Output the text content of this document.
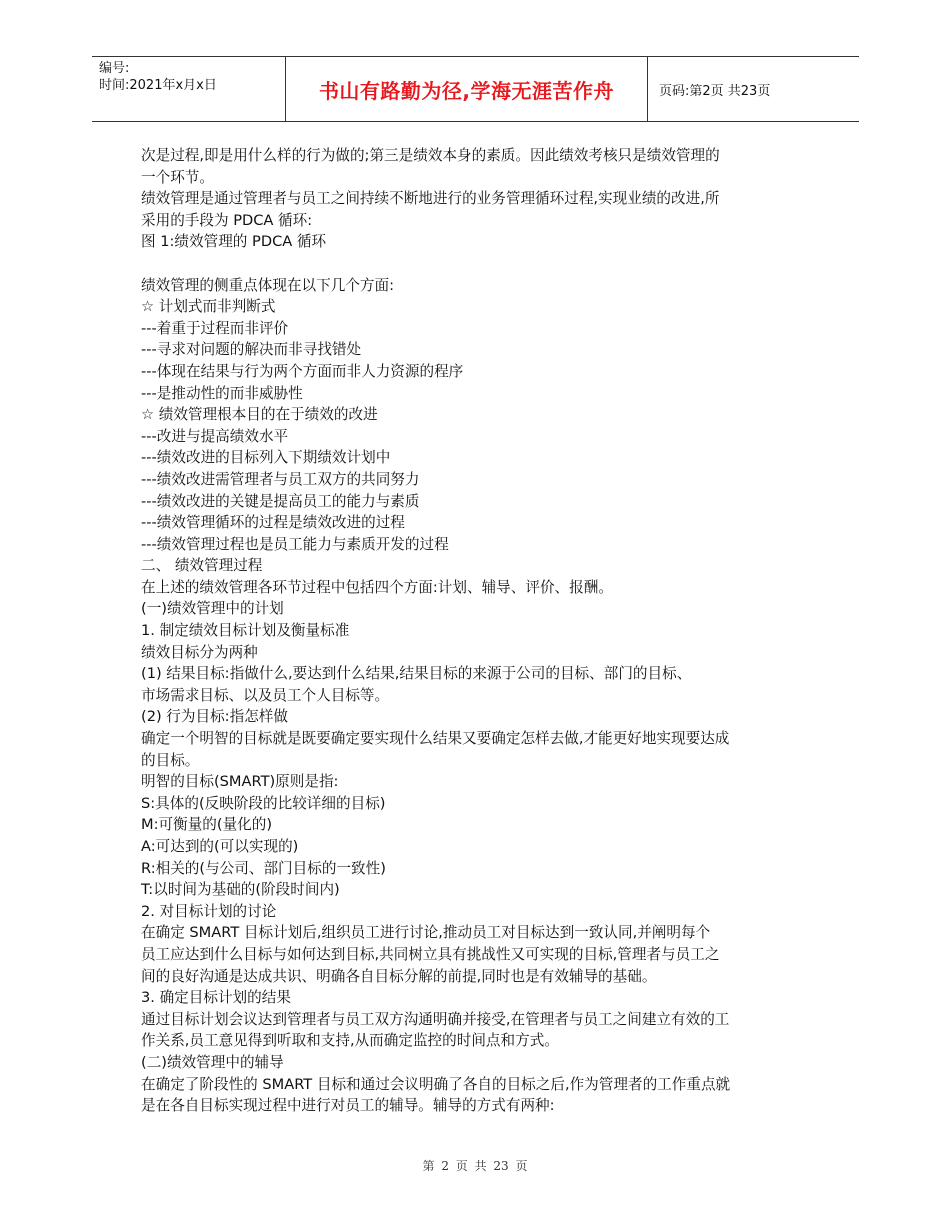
编号:
时间:2021年x月x日	书山有路勤为径,学海无涯苦作舟	页码:第2页 共23页
次是过程,即是用什么样的行为做的;第三是绩效本身的素质。因此绩效考核只是绩效管理的
一个环节。
绩效管理是通过管理者与员工之间持续不断地进行的业务管理循环过程,实现业绩的改进,所
采用的手段为 PDCA 循环:
图 1:绩效管理的 PDCA 循环
绩效管理的侧重点体现在以下几个方面:
☆ 计划式而非判断式
---着重于过程而非评价
---寻求对问题的解决而非寻找错处
---体现在结果与行为两个方面而非人力资源的程序
---是推动性的而非威胁性
☆ 绩效管理根本目的在于绩效的改进
---改进与提高绩效水平
---绩效改进的目标列入下期绩效计划中
---绩效改进需管理者与员工双方的共同努力
---绩效改进的关键是提高员工的能力与素质
---绩效管理循环的过程是绩效改进的过程
---绩效管理过程也是员工能力与素质开发的过程
二、 绩效管理过程
在上述的绩效管理各环节过程中包括四个方面:计划、辅导、评价、报酬。
(一)绩效管理中的计划
1. 制定绩效目标计划及衡量标准
绩效目标分为两种
(1) 结果目标:指做什么,要达到什么结果,结果目标的来源于公司的目标、部门的目标、
市场需求目标、以及员工个人目标等。
(2) 行为目标:指怎样做
确定一个明智的目标就是既要确定要实现什么结果又要确定怎样去做,才能更好地实现要达成
的目标。
明智的目标(SMART)原则是指:
S:具体的(反映阶段的比较详细的目标)
M:可衡量的(量化的)
A:可达到的(可以实现的)
R:相关的(与公司、部门目标的一致性)
T:以时间为基础的(阶段时间内)
2. 对目标计划的讨论
在确定 SMART 目标计划后,组织员工进行讨论,推动员工对目标达到一致认同,并阐明每个
员工应达到什么目标与如何达到目标,共同树立具有挑战性又可实现的目标,管理者与员工之
间的良好沟通是达成共识、明确各自目标分解的前提,同时也是有效辅导的基础。
3. 确定目标计划的结果
通过目标计划会议达到管理者与员工双方沟通明确并接受,在管理者与员工之间建立有效的工
作关系,员工意见得到听取和支持,从而确定监控的时间点和方式。
(二)绩效管理中的辅导
在确定了阶段性的 SMART 目标和通过会议明确了各自的目标之后,作为管理者的工作重点就
是在各自目标实现过程中进行对员工的辅导。辅导的方式有两种:
第 2 页 共 23 页
